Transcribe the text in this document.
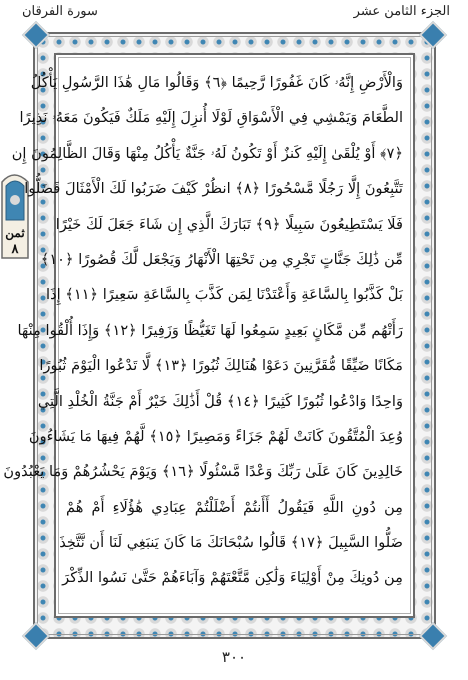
الجزء الثامن عشر
سورة الفرقان
ثمن
٨
وَالْأَرْضِ إِنَّهُۥ كَانَ غَفُورًا رَّحِيمًا ﴿٦﴾ وَقَالُوا مَالِ هَٰذَا الرَّسُولِ يَأْكُلُ
الطَّعَامَ وَيَمْشِي فِي الْأَسْوَاقِ لَوْلَا أُنزِلَ إِلَيْهِ مَلَكٌ فَيَكُونَ مَعَهُۥ نَذِيرًا
﴿٧﴾ أَوْ يُلْقَىٰ إِلَيْهِ كَنزٌ أَوْ تَكُونُ لَهُۥ جَنَّةٌ يَأْكُلُ مِنْهَا وَقَالَ الظَّالِمُونَ إِن
تَتَّبِعُونَ إِلَّا رَجُلًا مَّسْحُورًا ﴿٨﴾ انظُرْ كَيْفَ ضَرَبُوا لَكَ الْأَمْثَالَ فَضَلُّوا
فَلَا يَسْتَطِيعُونَ سَبِيلًا ﴿٩﴾ تَبَارَكَ الَّذِي إِن شَاءَ جَعَلَ لَكَ خَيْرًا
مِّن ذَٰلِكَ جَنَّاتٍ تَجْرِي مِن تَحْتِهَا الْأَنْهَارُ وَيَجْعَل لَّكَ قُصُورًا ﴿١٠﴾
بَلْ كَذَّبُوا بِالسَّاعَةِ وَأَعْتَدْنَا لِمَن كَذَّبَ بِالسَّاعَةِ سَعِيرًا ﴿١١﴾ إِذَا
رَأَتْهُم مِّن مَّكَانٍ بَعِيدٍ سَمِعُوا لَهَا تَغَيُّظًا وَزَفِيرًا ﴿١٢﴾ وَإِذَا أُلْقُوا مِنْهَا
مَكَانًا ضَيِّقًا مُّقَرَّنِينَ دَعَوْا هُنَالِكَ ثُبُورًا ﴿١٣﴾ لَّا تَدْعُوا الْيَوْمَ ثُبُورًا
وَاحِدًا وَادْعُوا ثُبُورًا كَثِيرًا ﴿١٤﴾ قُلْ أَذَٰلِكَ خَيْرٌ أَمْ جَنَّةُ الْخُلْدِ الَّتِي
وُعِدَ الْمُتَّقُونَ كَانَتْ لَهُمْ جَزَاءً وَمَصِيرًا ﴿١٥﴾ لَّهُمْ فِيهَا مَا يَشَاءُونَ
خَالِدِينَ كَانَ عَلَىٰ رَبِّكَ وَعْدًا مَّسْئُولًا ﴿١٦﴾ وَيَوْمَ يَحْشُرُهُمْ وَمَا يَعْبُدُونَ
مِن دُونِ اللَّهِ فَيَقُولُ أَأَنتُمْ أَضْلَلْتُمْ عِبَادِي هَٰؤُلَاءِ أَمْ هُمْ
ضَلُّوا السَّبِيلَ ﴿١٧﴾ قَالُوا سُبْحَانَكَ مَا كَانَ يَنبَغِي لَنَا أَن نَّتَّخِذَ
مِن دُونِكَ مِنْ أَوْلِيَاءَ وَلَٰكِن مَّتَّعْتَهُمْ وَآبَاءَهُمْ حَتَّىٰ نَسُوا الذِّكْرَ
٣٠٠
